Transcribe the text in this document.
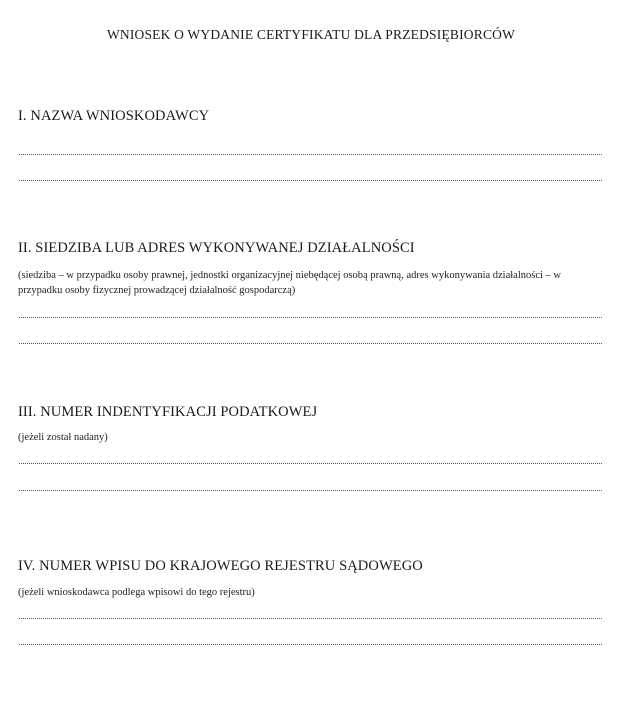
WNIOSEK O WYDANIE CERTYFIKATU DLA PRZEDSIĘBIORCÓW
I. NAZWA WNIOSKODAWCY
II. SIEDZIBA LUB ADRES WYKONYWANEJ DZIAŁALNOŚCI
(siedziba – w przypadku osoby prawnej, jednostki organizacyjnej niebędącej osobą prawną, adres wykonywania działalności – w przypadku osoby fizycznej prowadzącej działalność gospodarczą)
III. NUMER INDENTYFIKACJI PODATKOWEJ
(jeżeli został nadany)
IV. NUMER WPISU DO KRAJOWEGO REJESTRU SĄDOWEGO
(jeżeli wnioskodawca podlega wpisowi do tego rejestru)
